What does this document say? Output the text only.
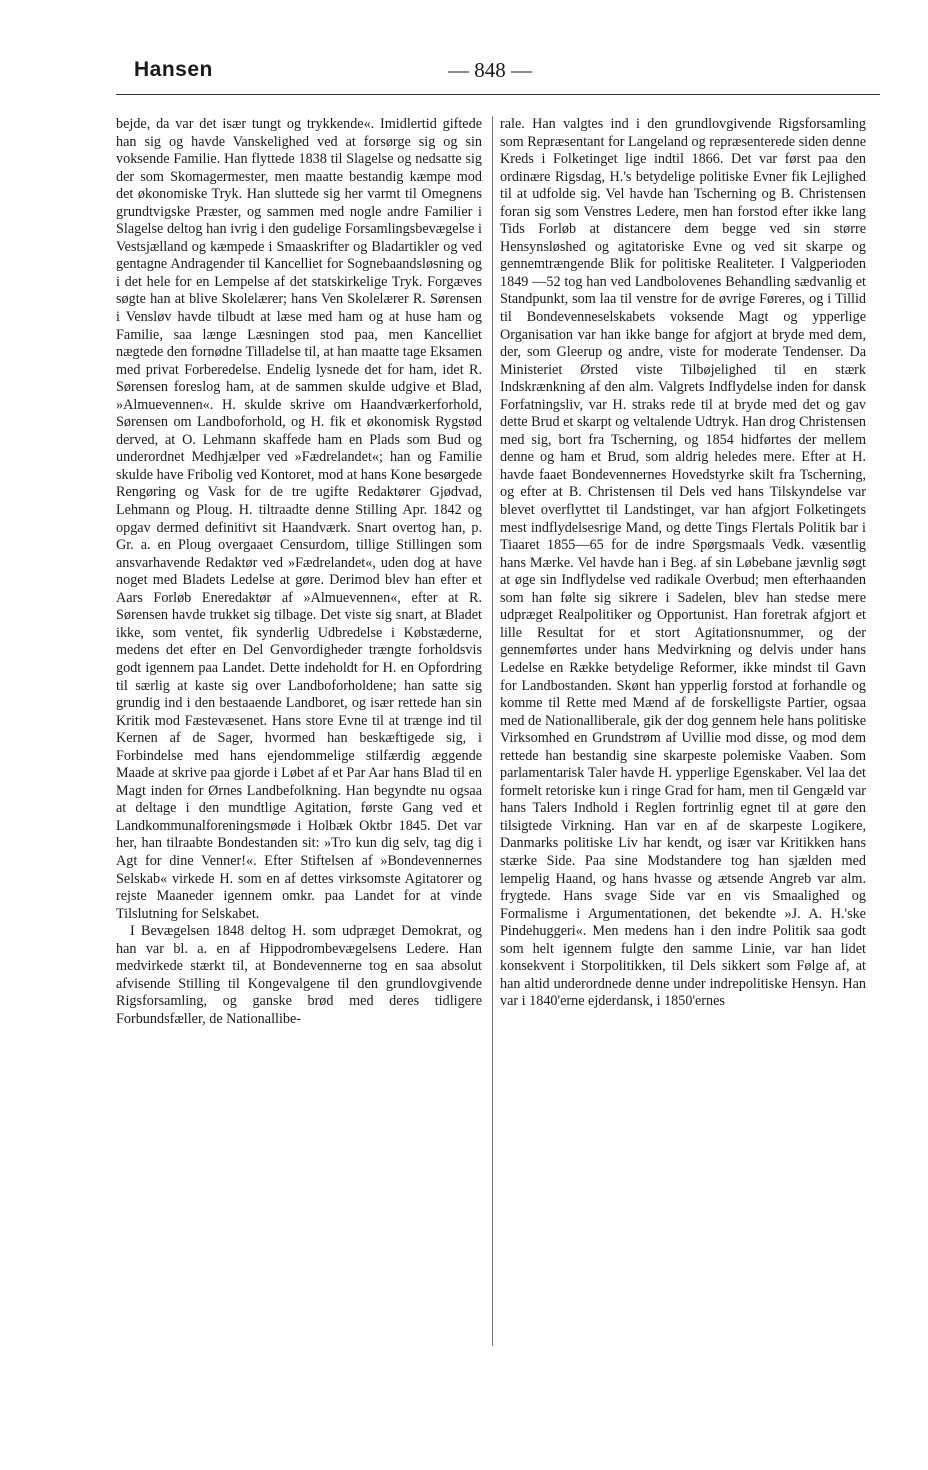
Hansen	— 848 —

bejde, da var det især tungt og trykkende«. Imidlertid giftede han sig og havde Vanskelighed ved at forsørge sig og sin voksende Familie. Han flyttede 1838 til Slagelse og nedsatte sig der som Skomagermester, men maatte bestandig kæmpe mod det økonomiske Tryk. Han sluttede sig her varmt til Omegnens grundtvigske Præster, og sammen med nogle andre Familier i Slagelse deltog han ivrig i den gudelige Forsamlingsbevægelse i Vestsjælland og kæmpede i Smaaskrifter og Bladartikler og ved gentagne Andragender til Kancelliet for Sognebaandsløsning og i det hele for en Lempelse af det statskirkelige Tryk. Forgæves søgte han at blive Skolelærer; hans Ven Skolelærer R. Sørensen i Vensløv havde tilbudt at læse med ham og at huse ham og Familie, saa længe Læsningen stod paa, men Kancelliet nægtede den fornødne Tilladelse til, at han maatte tage Eksamen med privat Forberedelse. Endelig lysnede det for ham, idet R. Sørensen foreslog ham, at de sammen skulde udgive et Blad, »Almuevennen«. H. skulde skrive om Haandværkerforhold, Sørensen om Landboforhold, og H. fik et økonomisk Rygstød derved, at O. Lehmann skaffede ham en Plads som Bud og underordnet Medhjælper ved »Fædrelandet«; han og Familie skulde have Fribolig ved Kontoret, mod at hans Kone besørgede Rengøring og Vask for de tre ugifte Redaktører Gjødvad, Lehmann og Ploug. H. tiltraadte denne Stilling Apr. 1842 og opgav dermed definitivt sit Haandværk. Snart overtog han, p. Gr. a. en Ploug overgaaet Censurdom, tillige Stillingen som ansvarhavende Redaktør ved »Fædrelandet«, uden dog at have noget med Bladets Ledelse at gøre. Derimod blev han efter et Aars Forløb Eneredaktør af »Almuevennen«, efter at R. Sørensen havde trukket sig tilbage. Det viste sig snart, at Bladet ikke, som ventet, fik synderlig Udbredelse i Købstæderne, medens det efter en Del Genvordigheder trængte forholdsvis godt igennem paa Landet. Dette indeholdt for H. en Opfordring til særlig at kaste sig over Landboforholdene; han satte sig grundig ind i den bestaaende Landboret, og især rettede han sin Kritik mod Fæstevæsenet. Hans store Evne til at trænge ind til Kernen af de Sager, hvormed han beskæftigede sig, i Forbindelse med hans ejendommelige stilfærdig æggende Maade at skrive paa gjorde i Løbet af et Par Aar hans Blad til en Magt inden for Ørnes Landbefolkning. Han begyndte nu ogsaa at deltage i den mundtlige Agitation, første Gang ved et Landkommunalforeningsmøde i Holbæk Oktbr 1845. Det var her, han tilraabte Bondestanden sit: »Tro kun dig selv, tag dig i Agt for dine Venner!«. Efter Stiftelsen af »Bondevennernes Selskab« virkede H. som en af dettes virksomste Agitatorer og rejste Maaneder igennem omkr. paa Landet for at vinde Tilslutning for Selskabet.

I Bevægelsen 1848 deltog H. som udpræget Demokrat, og han var bl. a. en af Hippodrombevægelsens Ledere. Han medvirkede stærkt til, at Bondevennerne tog en saa absolut afvisende Stilling til Kongevalgene til den grundlovgivende Rigsforsamling, og ganske brød med deres tidligere Forbundsfæller, de Nationallibe-

rale. Han valgtes ind i den grundlovgivende Rigsforsamling som Repræsentant for Langeland og repræsenterede siden denne Kreds i Folketinget lige indtil 1866. Det var først paa den ordinære Rigsdag, H.'s betydelige politiske Evner fik Lejlighed til at udfolde sig. Vel havde han Tscherning og B. Christensen foran sig som Venstres Ledere, men han forstod efter ikke lang Tids Forløb at distancere dem begge ved sin større Hensynsløshed og agitatoriske Evne og ved sit skarpe og gennemtrængende Blik for politiske Realiteter. I Valgperioden 1849 —52 tog han ved Landbolovenes Behandling sædvanlig et Standpunkt, som laa til venstre for de øvrige Føreres, og i Tillid til Bondevenneselskabets voksende Magt og ypperlige Organisation var han ikke bange for afgjort at bryde med dem, der, som Gleerup og andre, viste for moderate Tendenser. Da Ministeriet Ørsted viste Tilbøjelighed til en stærk Indskrænkning af den alm. Valgrets Indflydelse inden for dansk Forfatningsliv, var H. straks rede til at bryde med det og gav dette Brud et skarpt og veltalende Udtryk. Han drog Christensen med sig, bort fra Tscherning, og 1854 hidførtes der mellem denne og ham et Brud, som aldrig heledes mere. Efter at H. havde faaet Bondevennernes Hovedstyrke skilt fra Tscherning, og efter at B. Christensen til Dels ved hans Tilskyndelse var blevet overflyttet til Landstinget, var han afgjort Folketingets mest indflydelsesrige Mand, og dette Tings Flertals Politik bar i Tiaaret 1855—65 for de indre Spørgsmaals Vedk. væsentlig hans Mærke. Vel havde han i Beg. af sin Løbebane jævnlig søgt at øge sin Indflydelse ved radikale Overbud; men efterhaanden som han følte sig sikrere i Sadelen, blev han stedse mere udpræget Realpolitiker og Opportunist. Han foretrak afgjort et lille Resultat for et stort Agitationsnummer, og der gennemførtes under hans Medvirkning og delvis under hans Ledelse en Række betydelige Reformer, ikke mindst til Gavn for Landbostanden. Skønt han ypperlig forstod at forhandle og komme til Rette med Mænd af de forskelligste Partier, ogsaa med de Nationalliberale, gik der dog gennem hele hans politiske Virksomhed en Grundstrøm af Uvillie mod disse, og mod dem rettede han bestandig sine skarpeste polemiske Vaaben. Som parlamentarisk Taler havde H. ypperlige Egenskaber. Vel laa det formelt retoriske kun i ringe Grad for ham, men til Gengæld var hans Talers Indhold i Reglen fortrinlig egnet til at gøre den tilsigtede Virkning. Han var en af de skarpeste Logikere, Danmarks politiske Liv har kendt, og især var Kritikken hans stærke Side. Paa sine Modstandere tog han sjælden med lempelig Haand, og hans hvasse og ætsende Angreb var alm. frygtede. Hans svage Side var en vis Smaalighed og Formalisme i Argumentationen, det bekendte »J. A. H.'ske Pindehuggeri«. Men medens han i den indre Politik saa godt som helt igennem fulgte den samme Linie, var han lidet konsekvent i Storpolitikken, til Dels sikkert som Følge af, at han altid underordnede denne under indrepolitiske Hensyn. Han var i 1840'erne ejderdansk, i 1850'ernes
